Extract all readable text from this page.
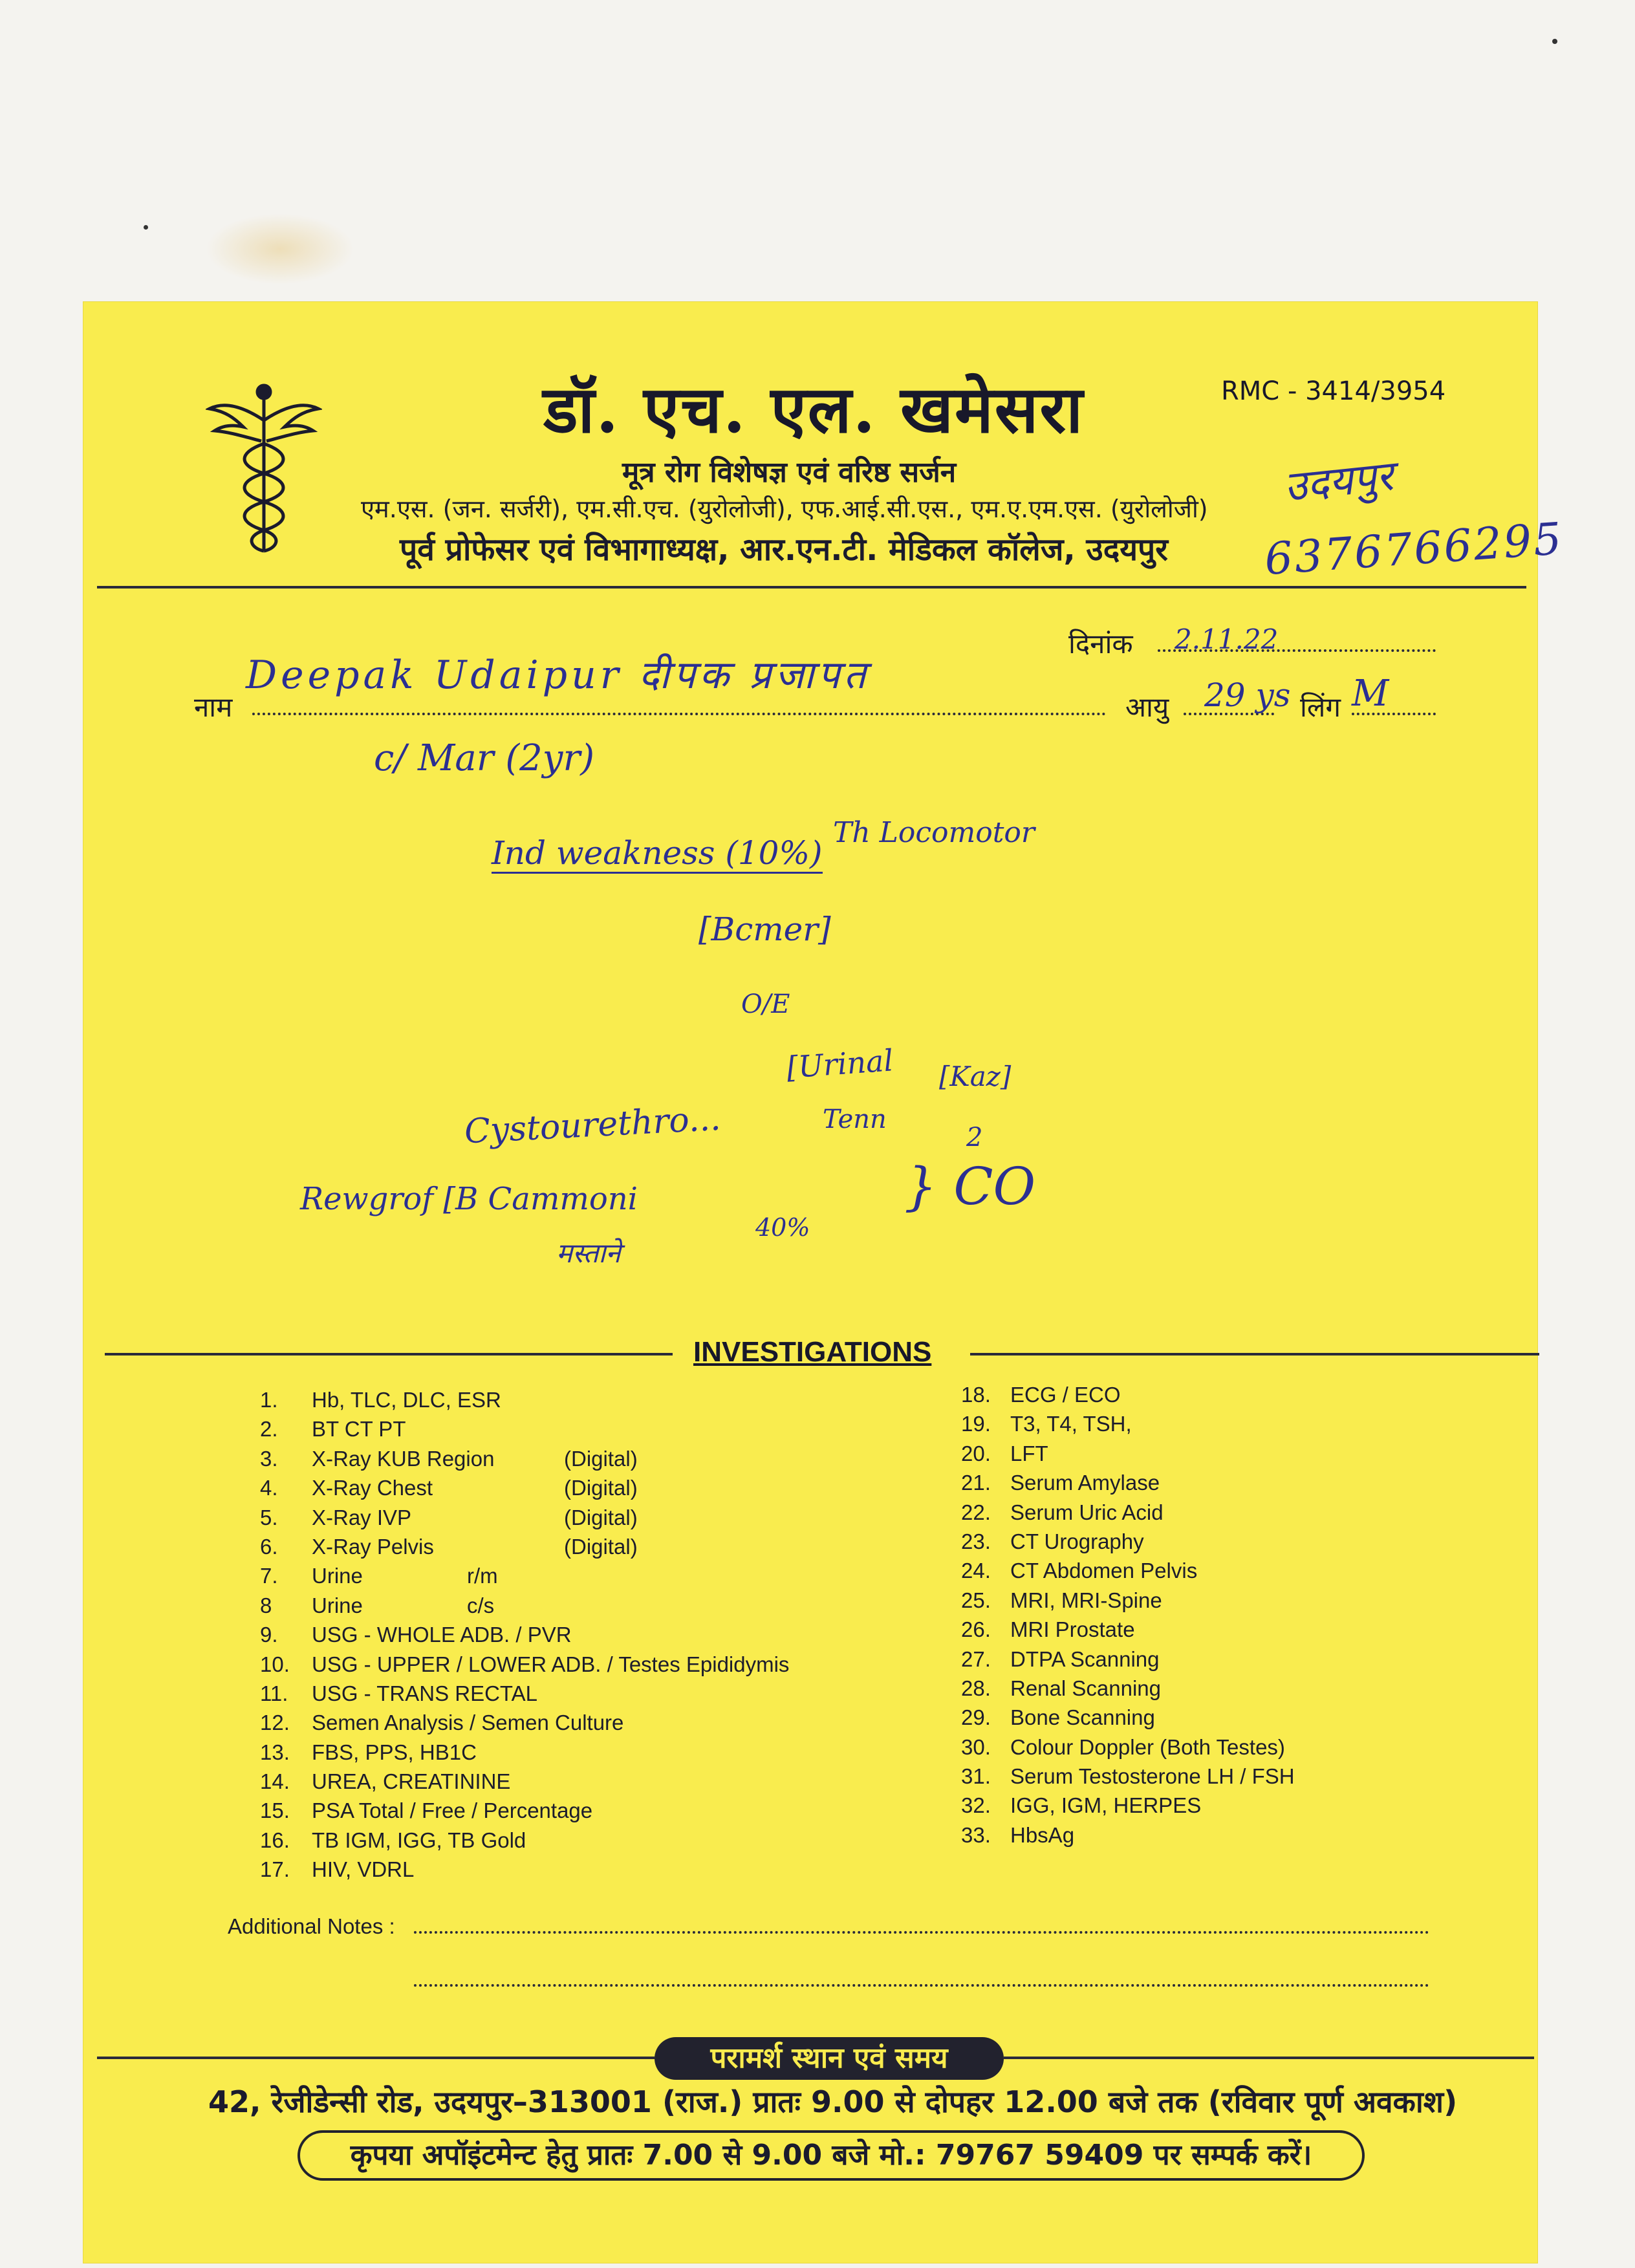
डॉ. एच. एल. खमेसरा	RMC - 3414/3954
मूत्र रोग विशेषज्ञ एवं वरिष्ठ सर्जन
एम.एस. (जन. सर्जरी), एम.सी.एच. (युरोलोजी), एफ.आई.सी.एस., एम.ए.एम.एस. (युरोलोजी)
पूर्व प्रोफेसर एवं विभागाध्यक्ष, आर.एन.टी. मेडिकल कॉलेज, उदयपुर
उदयपुर
6376766295
दिनांक 2.11.22
नाम
Deepak Udaipur दीपक प्रजापत
आयु 29 ys लिंग M
c/ Mar (2yr)
Ind weakness (10%)
Th Locomotor
[Bcmer]
O/E
[Urinal [Kaz]
Tenn
2
Cystourethro...
Rewgrof [B Cammoni
मस्ताने
40%
} CO
INVESTIGATIONS
1. Hb, TLC, DLC, ESR
2. BT CT PT
3. X-Ray KUB Region	(Digital)
4. X-Ray Chest	(Digital)
5. X-Ray IVP	(Digital)
6. X-Ray Pelvis	(Digital)
7. Urine	r/m
8 Urine	c/s
9. USG - WHOLE ADB. / PVR
10. USG - UPPER / LOWER ADB. / Testes Epididymis
11. USG - TRANS RECTAL
12. Semen Analysis / Semen Culture
13. FBS, PPS, HB1C
14. UREA, CREATININE
15. PSA Total / Free / Percentage
16. TB IGM, IGG, TB Gold
17. HIV, VDRL
18. ECG / ECO
19. T3, T4, TSH,
20. LFT
21. Serum Amylase
22. Serum Uric Acid
23. CT Urography
24. CT Abdomen Pelvis
25. MRI, MRI-Spine
26. MRI Prostate
27. DTPA Scanning
28. Renal Scanning
29. Bone Scanning
30. Colour Doppler (Both Testes)
31. Serum Testosterone LH / FSH
32. IGG, IGM, HERPES
33. HbsAg
Additional Notes :
परामर्श स्थान एवं समय
42, रेजीडेन्सी रोड, उदयपुर–313001 (राज.) प्रातः 9.00 से दोपहर 12.00 बजे तक (रविवार पूर्ण अवकाश)
कृपया अपॉइंटमेन्ट हेतु प्रातः 7.00 से 9.00 बजे मो.: 79767 59409 पर सम्पर्क करें।
